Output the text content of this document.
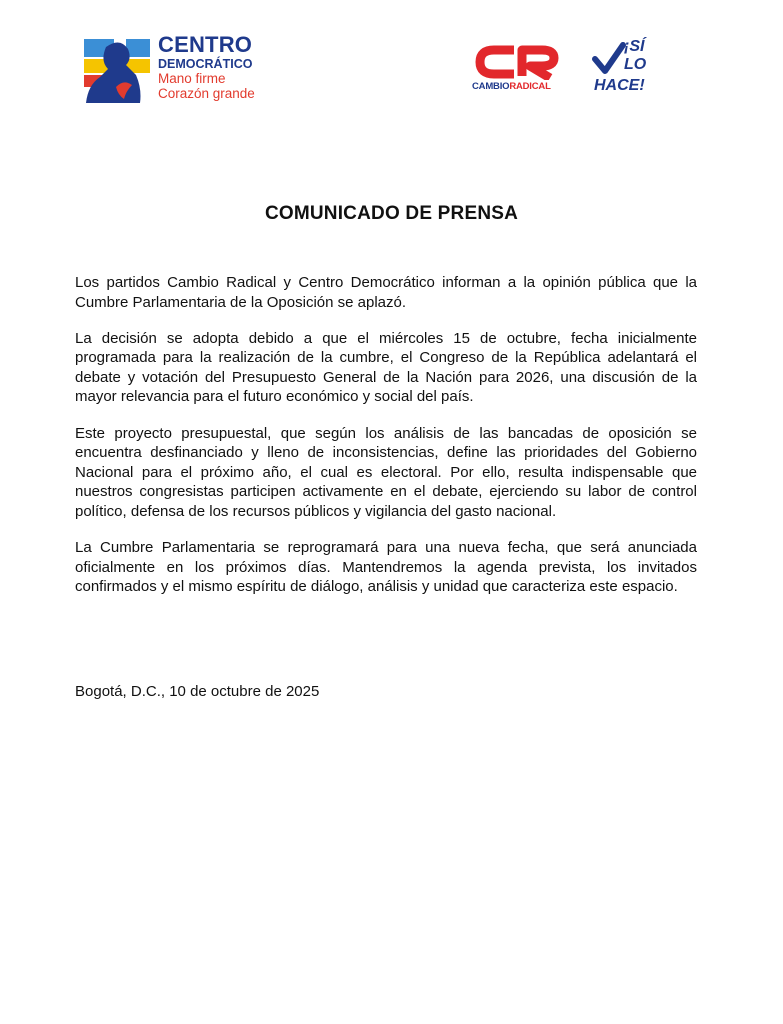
CENTRO
DEMOCRÁTICO
Mano firme
Corazón grande	CAMBIORADICAL
¡SÍ
LO
HACE!
COMUNICADO DE PRENSA

Los partidos Cambio Radical y Centro Democrático informan a la opinión pública que la Cumbre Parlamentaria de la Oposición se aplazó.

La decisión se adopta debido a que el miércoles 15 de octubre, fecha inicialmente programada para la realización de la cumbre, el Congreso de la República adelantará el debate y votación del Presupuesto General de la Nación para 2026, una discusión de la mayor relevancia para el futuro económico y social del país.

Este proyecto presupuestal, que según los análisis de las bancadas de oposición se encuentra desfinanciado y lleno de inconsistencias, define las prioridades del Gobierno Nacional para el próximo año, el cual es electoral. Por ello, resulta indispensable que nuestros congresistas participen activamente en el debate, ejerciendo su labor de control político, defensa de los recursos públicos y vigilancia del gasto nacional.

La Cumbre Parlamentaria se reprogramará para una nueva fecha, que será anunciada oficialmente en los próximos días. Mantendremos la agenda prevista, los invitados confirmados y el mismo espíritu de diálogo, análisis y unidad que caracteriza este espacio.

Bogotá, D.C., 10 de octubre de 2025
